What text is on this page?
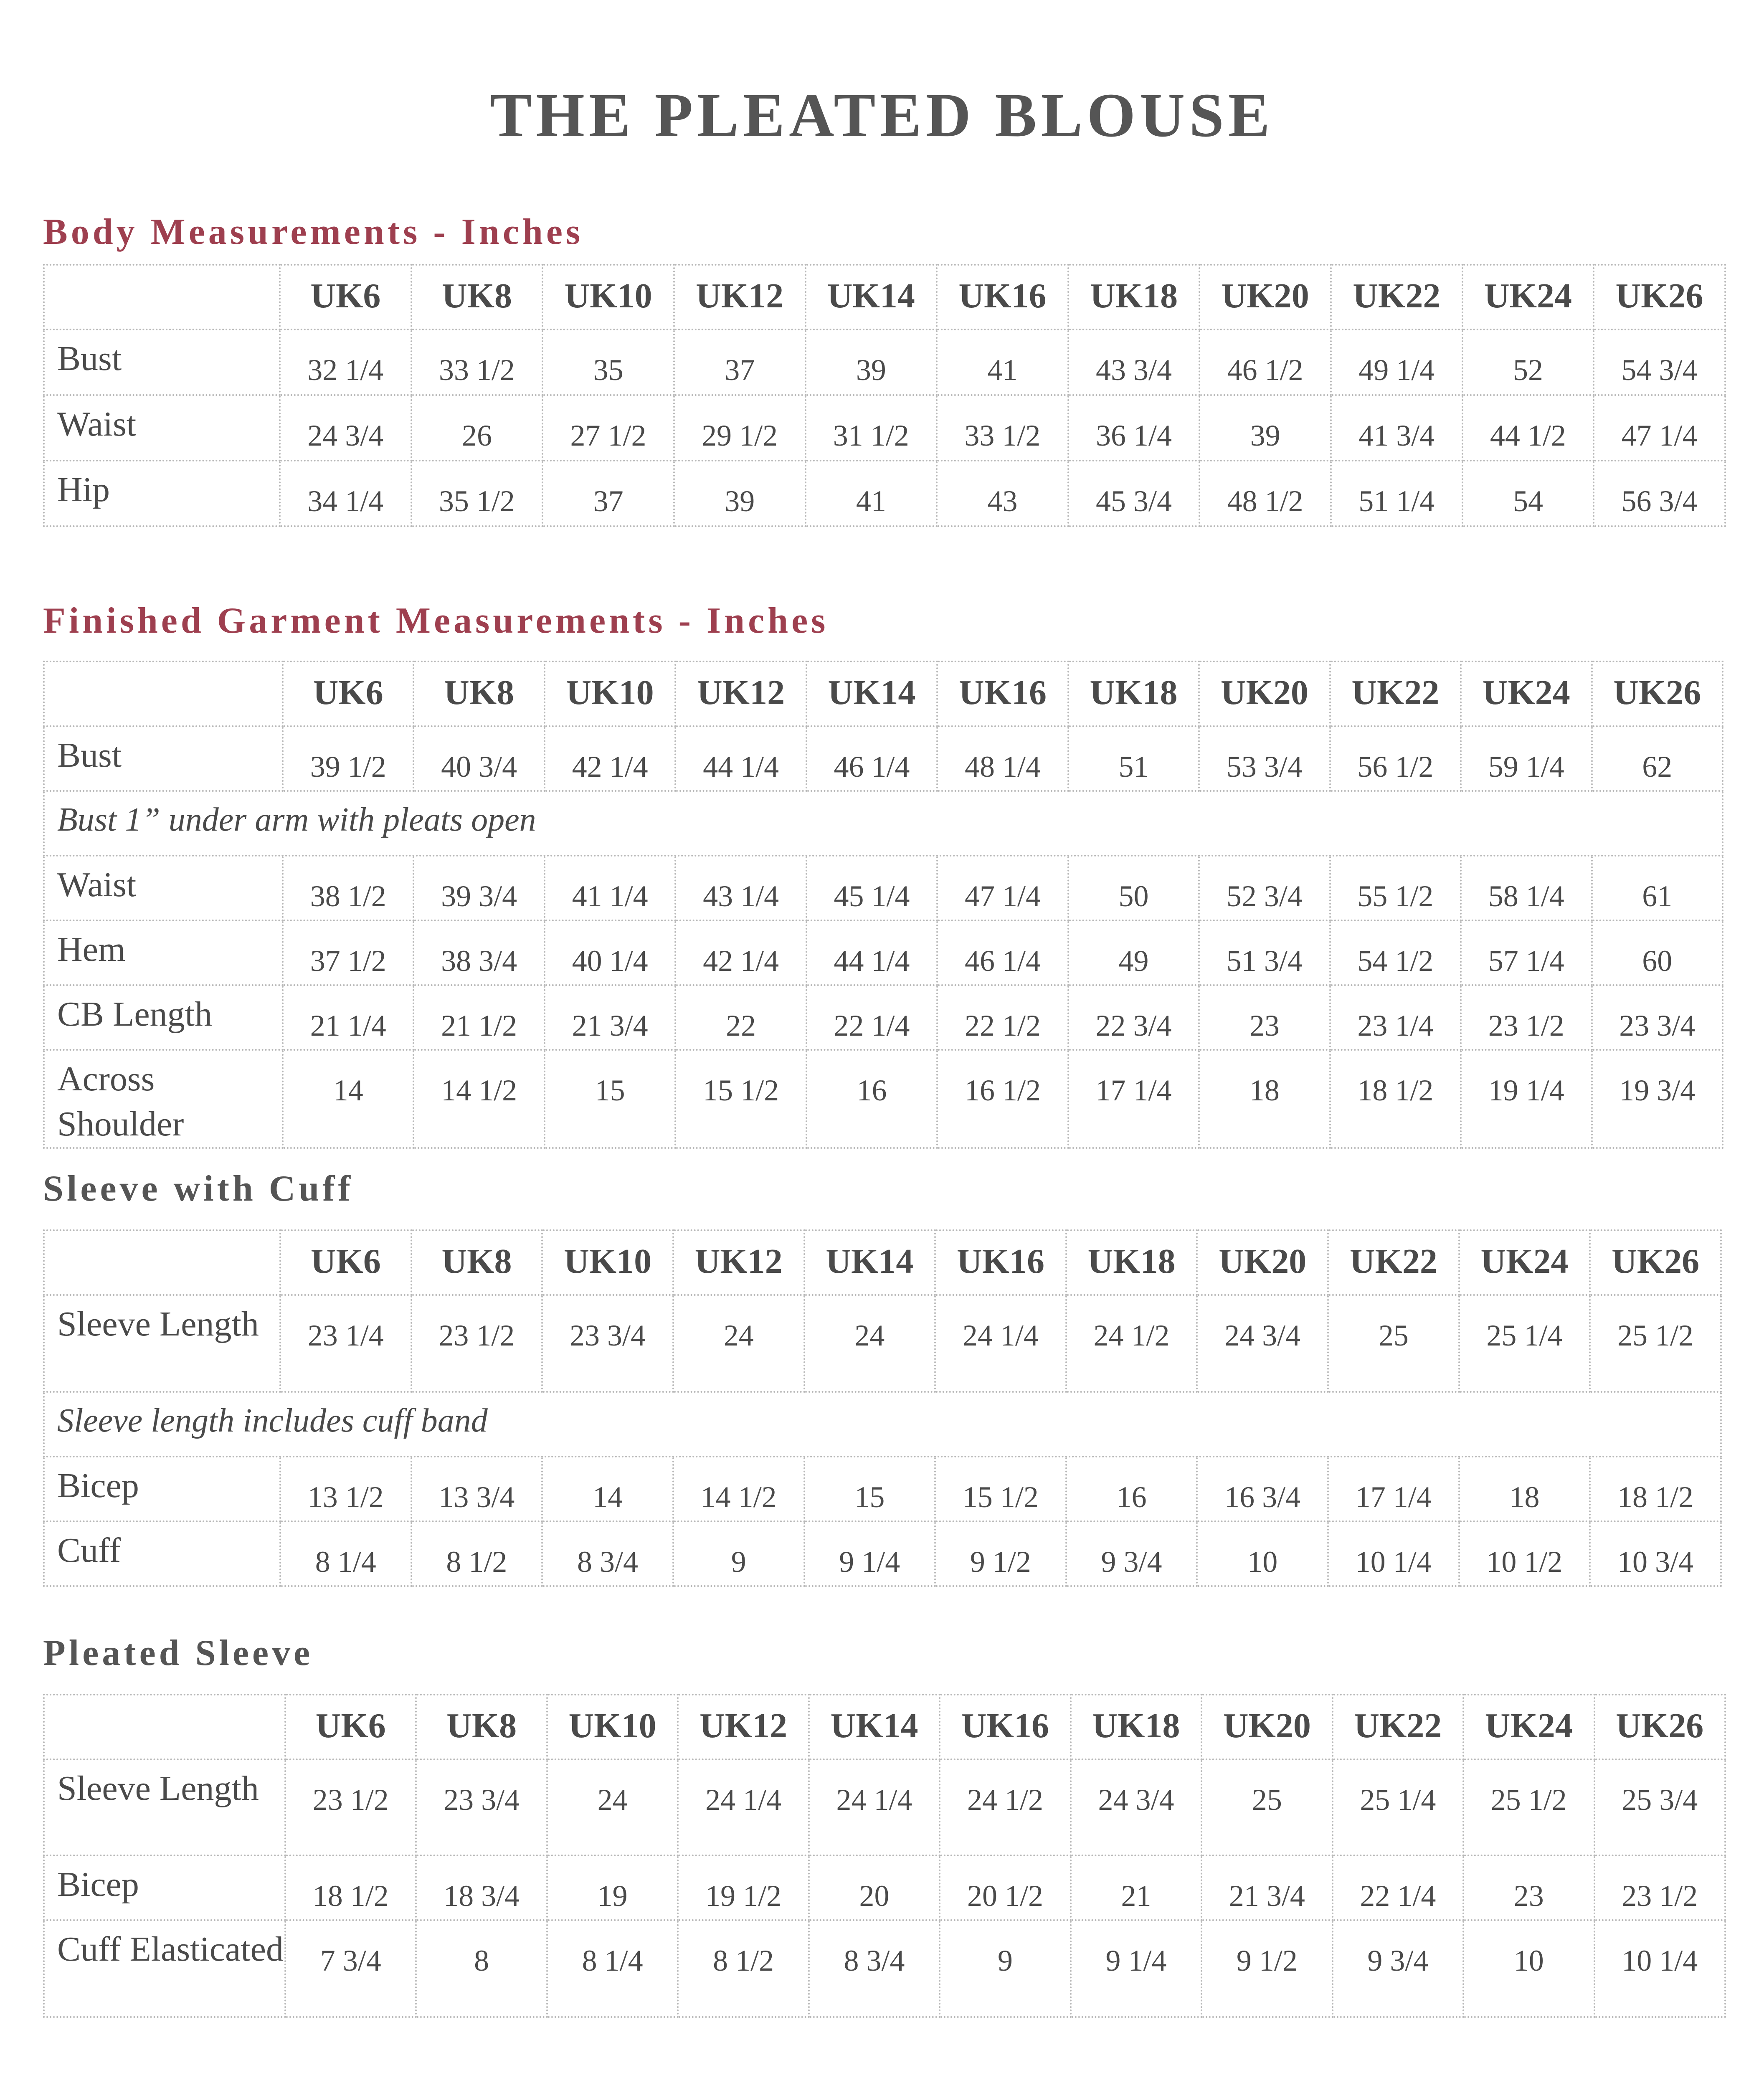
THE PLEATED BLOUSE
Body Measurements - Inches
	UK6	UK8	UK10	UK12	UK14	UK16	UK18	UK20	UK22	UK24	UK26
Bust	32 1/4	33 1/2	35	37	39	41	43 3/4	46 1/2	49 1/4	52	54 3/4
Waist	24 3/4	26	27 1/2	29 1/2	31 1/2	33 1/2	36 1/4	39	41 3/4	44 1/2	47 1/4
Hip	34 1/4	35 1/2	37	39	41	43	45 3/4	48 1/2	51 1/4	54	56 3/4
Finished Garment Measurements - Inches
	UK6	UK8	UK10	UK12	UK14	UK16	UK18	UK20	UK22	UK24	UK26
Bust	39 1/2	40 3/4	42 1/4	44 1/4	46 1/4	48 1/4	51	53 3/4	56 1/2	59 1/4	62
Bust 1” under arm with pleats open											
Waist	38 1/2	39 3/4	41 1/4	43 1/4	45 1/4	47 1/4	50	52 3/4	55 1/2	58 1/4	61
Hem	37 1/2	38 3/4	40 1/4	42 1/4	44 1/4	46 1/4	49	51 3/4	54 1/2	57 1/4	60
CB Length	21 1/4	21 1/2	21 3/4	22	22 1/4	22 1/2	22 3/4	23	23 1/4	23 1/2	23 3/4
Across Shoulder	14	14 1/2	15	15 1/2	16	16 1/2	17 1/4	18	18 1/2	19 1/4	19 3/4
Sleeve with Cuff
	UK6	UK8	UK10	UK12	UK14	UK16	UK18	UK20	UK22	UK24	UK26
Sleeve Length	23 1/4	23 1/2	23 3/4	24	24	24 1/4	24 1/2	24 3/4	25	25 1/4	25 1/2
Sleeve length includes cuff band											
Bicep	13 1/2	13 3/4	14	14 1/2	15	15 1/2	16	16 3/4	17 1/4	18	18 1/2
Cuff	8 1/4	8 1/2	8 3/4	9	9 1/4	9 1/2	9 3/4	10	10 1/4	10 1/2	10 3/4
Pleated Sleeve
	UK6	UK8	UK10	UK12	UK14	UK16	UK18	UK20	UK22	UK24	UK26
Sleeve Length	23 1/2	23 3/4	24	24 1/4	24 1/4	24 1/2	24 3/4	25	25 1/4	25 1/2	25 3/4
Bicep	18 1/2	18 3/4	19	19 1/2	20	20 1/2	21	21 3/4	22 1/4	23	23 1/2
Cuff Elasticated	7 3/4	8	8 1/4	8 1/2	8 3/4	9	9 1/4	9 1/2	9 3/4	10	10 1/4
